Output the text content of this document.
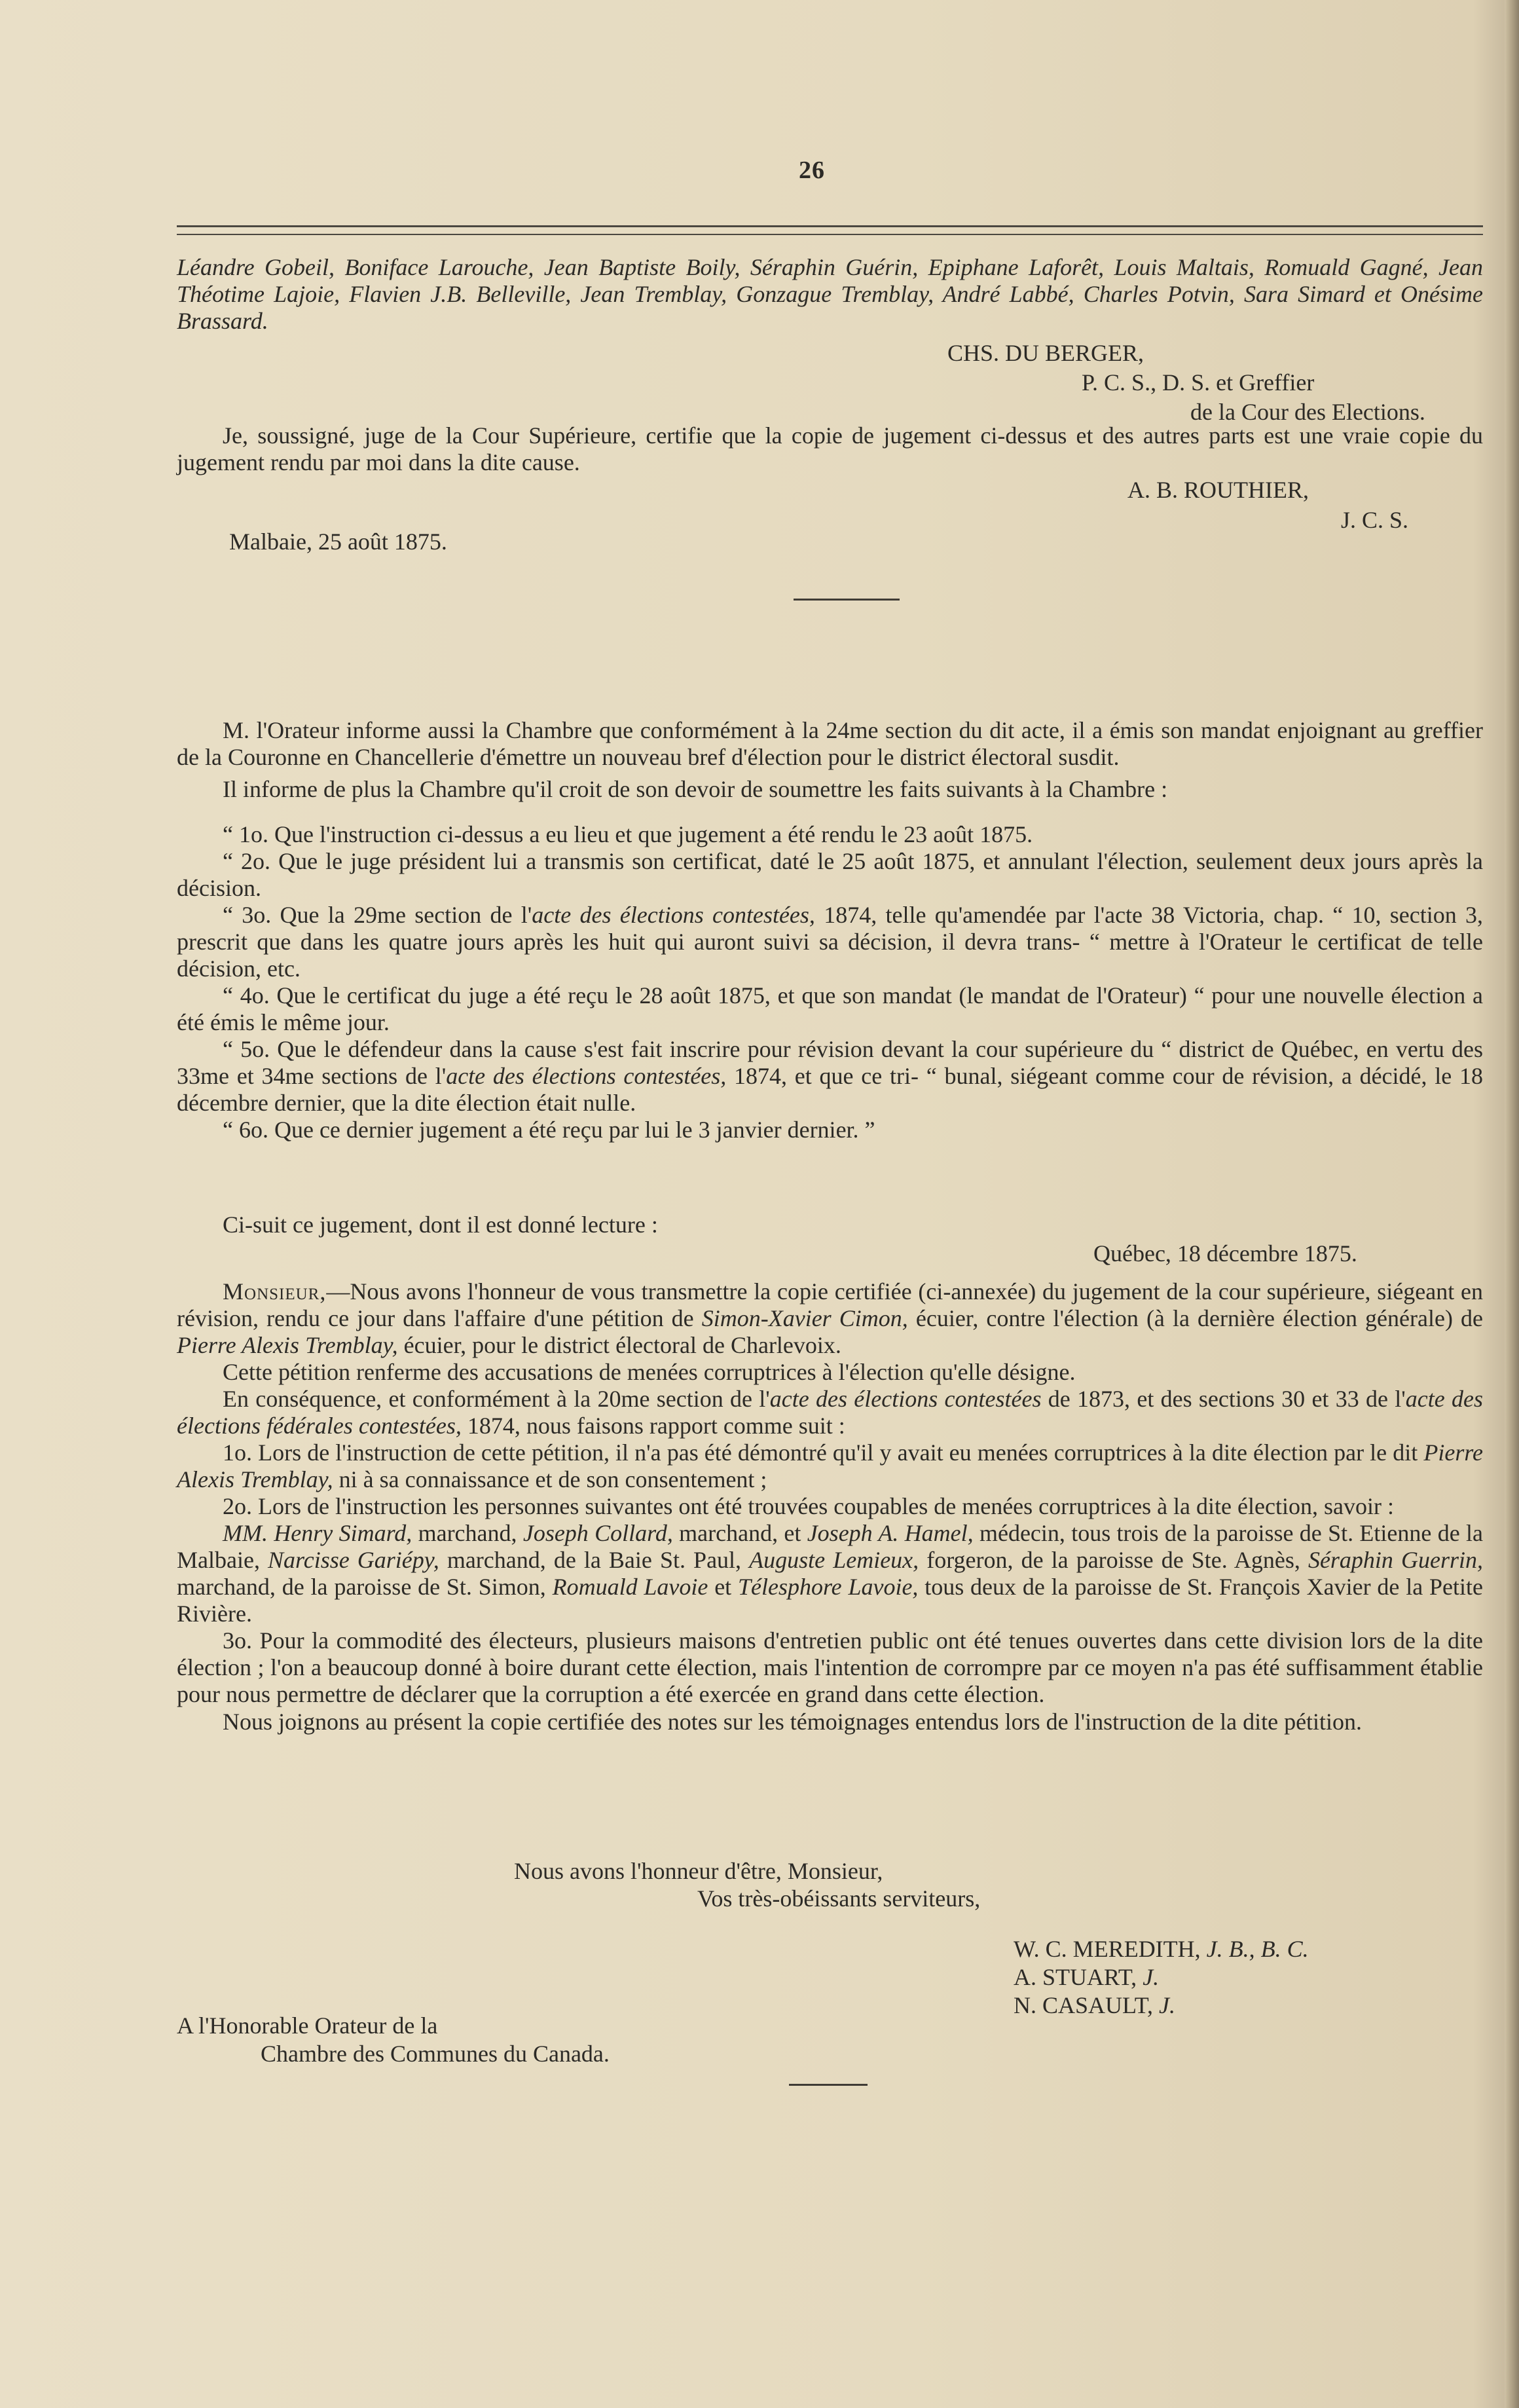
26
Léandre Gobeil, Boniface Larouche, Jean Baptiste Boily, Séraphin Guérin, Epiphane Laforêt, Louis Maltais, Romuald Gagné, Jean Théotime Lajoie, Flavien J.B. Belleville, Jean Tremblay, Gonzague Tremblay, André Labbé, Charles Potvin, Sara Simard et Onésime Brassard.
CHS. DU BERGER,
P. C. S., D. S. et Greffier
de la Cour des Elections.

Je, soussigné, juge de la Cour Supérieure, certifie que la copie de jugement ci-dessus et des autres parts est une vraie copie du jugement rendu par moi dans la dite cause.

A. B. ROUTHIER,
J. C. S.
Malbaie, 25 août 1875.

M. l'Orateur informe aussi la Chambre que conformément à la 24me section du dit acte, il a émis son mandat enjoignant au greffier de la Couronne en Chancellerie d'émettre un nouveau bref d'élection pour le district électoral susdit.

Il informe de plus la Chambre qu'il croit de son devoir de soumettre les faits suivants à la Chambre :

“ 1o. Que l'instruction ci-dessus a eu lieu et que jugement a été rendu le 23 août 1875.

“ 2o. Que le juge président lui a transmis son certificat, daté le 25 août 1875, et annulant l'élection, seulement deux jours après la décision.

“ 3o. Que la 29me section de l'acte des élections contestées, 1874, telle qu'amendée par l'acte 38 Victoria, chap. “ 10, section 3, prescrit que dans les quatre jours après les huit qui auront suivi sa décision, il devra trans- “ mettre à l'Orateur le certificat de telle décision, etc.

“ 4o. Que le certificat du juge a été reçu le 28 août 1875, et que son mandat (le mandat de l'Orateur) “ pour une nouvelle élection a été émis le même jour.

“ 5o. Que le défendeur dans la cause s'est fait inscrire pour révision devant la cour supérieure du “ district de Québec, en vertu des 33me et 34me sections de l'acte des élections contestées, 1874, et que ce tri- “ bunal, siégeant comme cour de révision, a décidé, le 18 décembre dernier, que la dite élection était nulle.

“ 6o. Que ce dernier jugement a été reçu par lui le 3 janvier dernier. ”

Ci-suit ce jugement, dont il est donné lecture :

Québec, 18 décembre 1875.

Monsieur,—Nous avons l'honneur de vous transmettre la copie certifiée (ci-annexée) du jugement de la cour supérieure, siégeant en révision, rendu ce jour dans l'affaire d'une pétition de Simon-Xavier Cimon, écuier, contre l'élection (à la dernière élection générale) de Pierre Alexis Tremblay, écuier, pour le district électoral de Charlevoix.

Cette pétition renferme des accusations de menées corruptrices à l'élection qu'elle désigne.

En conséquence, et conformément à la 20me section de l'acte des élections contestées de 1873, et des sections 30 et 33 de l'acte des élections fédérales contestées, 1874, nous faisons rapport comme suit :

1o. Lors de l'instruction de cette pétition, il n'a pas été démontré qu'il y avait eu menées corruptrices à la dite élection par le dit Pierre Alexis Tremblay, ni à sa connaissance et de son consentement ;

2o. Lors de l'instruction les personnes suivantes ont été trouvées coupables de menées corruptrices à la dite élection, savoir :

MM. Henry Simard, marchand, Joseph Collard, marchand, et Joseph A. Hamel, médecin, tous trois de la paroisse de St. Etienne de la Malbaie, Narcisse Gariépy, marchand, de la Baie St. Paul, Auguste Lemieux, forgeron, de la paroisse de Ste. Agnès, Séraphin Guerrin, marchand, de la paroisse de St. Simon, Romuald Lavoie et Télesphore Lavoie, tous deux de la paroisse de St. François Xavier de la Petite Rivière.

3o. Pour la commodité des électeurs, plusieurs maisons d'entretien public ont été tenues ouvertes dans cette division lors de la dite élection ; l'on a beaucoup donné à boire durant cette élection, mais l'intention de corrompre par ce moyen n'a pas été suffisamment établie pour nous permettre de déclarer que la corruption a été exercée en grand dans cette élection.

Nous joignons au présent la copie certifiée des notes sur les témoignages entendus lors de l'instruction de la dite pétition.

Nous avons l'honneur d'être, Monsieur,
Vos très-obéissants serviteurs,
W. C. MEREDITH, J. B., B. C.
A. STUART, J.
N. CASAULT, J.
A l'Honorable Orateur de la
Chambre des Communes du Canada.
